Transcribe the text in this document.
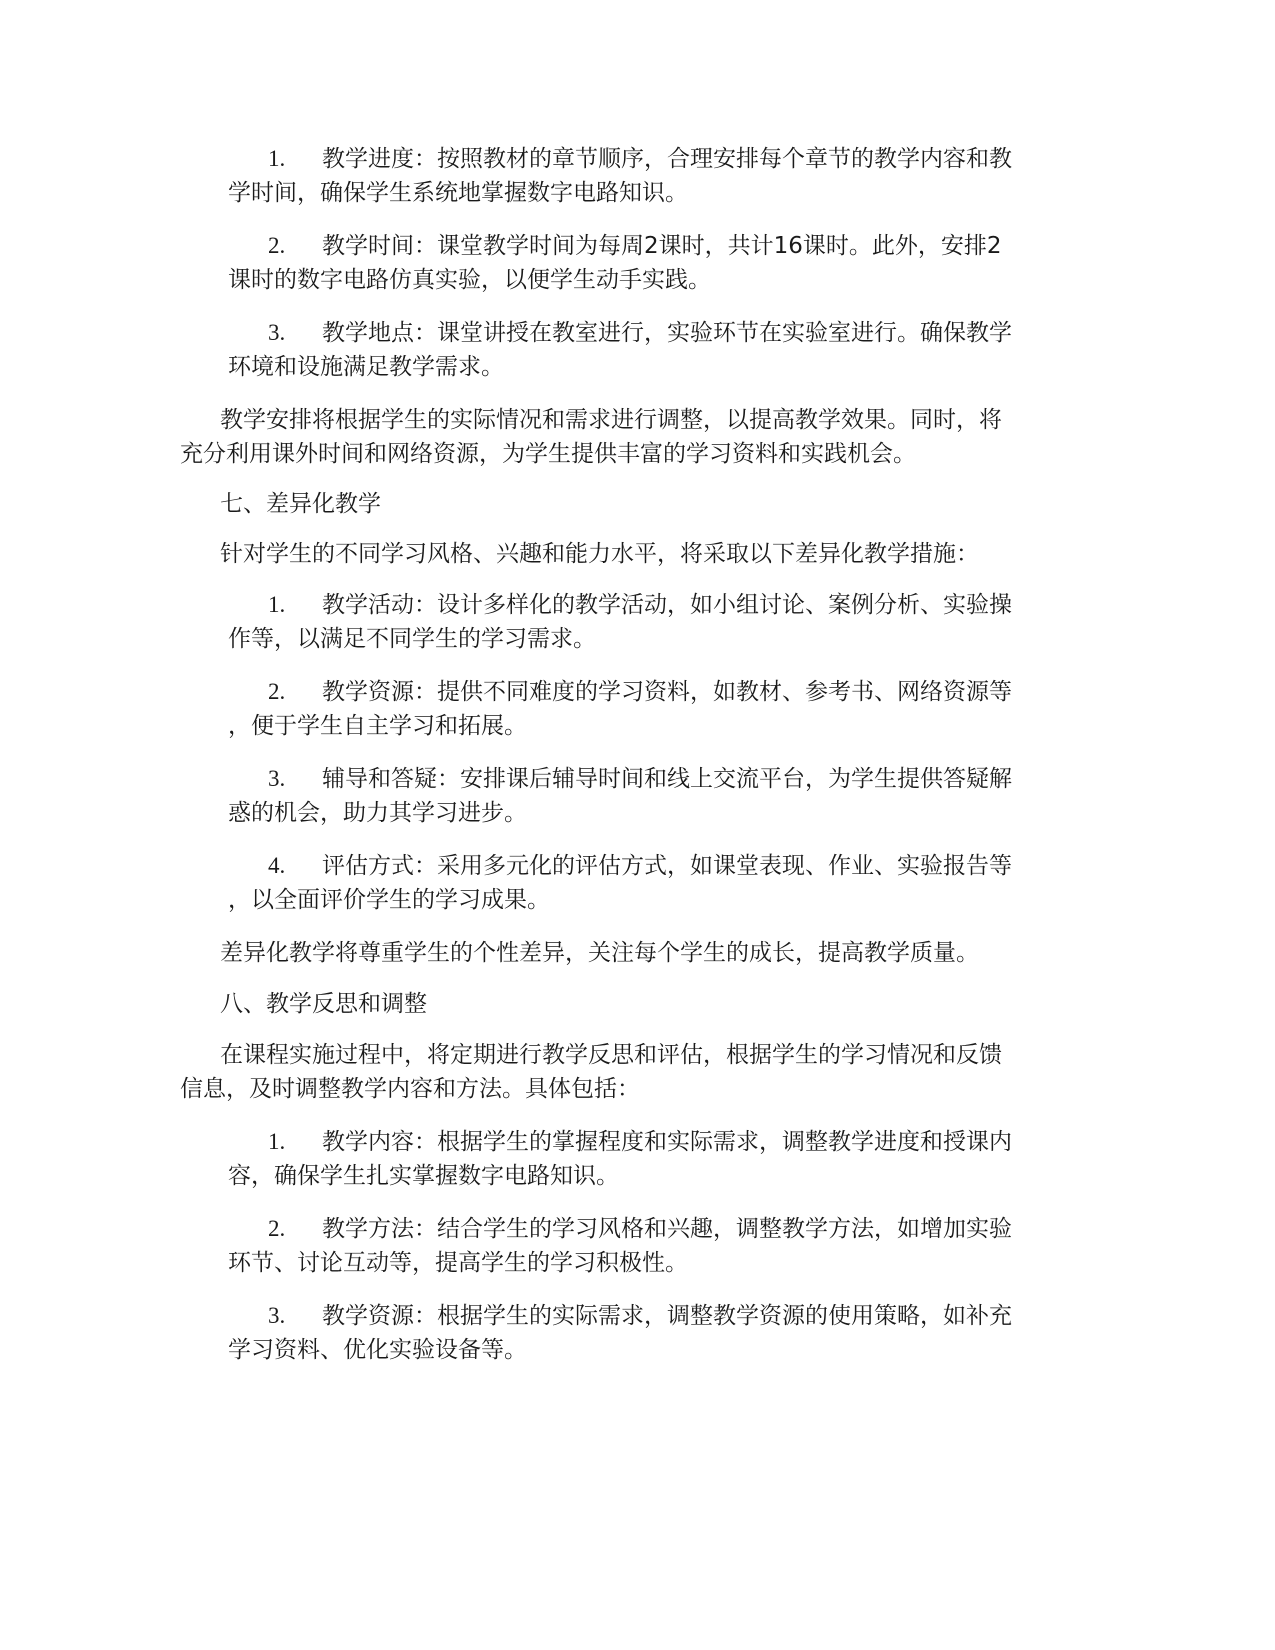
1. 教学进度：按照教材的章节顺序，合理安排每个章节的教学内容和教
学时间，确保学生系统地掌握数字电路知识。
2. 教学时间：课堂教学时间为每周2课时，共计16课时。此外，安排2
课时的数字电路仿真实验，以便学生动手实践。
3. 教学地点：课堂讲授在教室进行，实验环节在实验室进行。确保教学
环境和设施满足教学需求。
教学安排将根据学生的实际情况和需求进行调整，以提高教学效果。同时，将
充分利用课外时间和网络资源，为学生提供丰富的学习资料和实践机会。
七、差异化教学
针对学生的不同学习风格、兴趣和能力水平，将采取以下差异化教学措施：
1. 教学活动：设计多样化的教学活动，如小组讨论、案例分析、实验操
作等，以满足不同学生的学习需求。
2. 教学资源：提供不同难度的学习资料，如教材、参考书、网络资源等
，便于学生自主学习和拓展。
3. 辅导和答疑：安排课后辅导时间和线上交流平台，为学生提供答疑解
惑的机会，助力其学习进步。
4. 评估方式：采用多元化的评估方式，如课堂表现、作业、实验报告等
，以全面评价学生的学习成果。
差异化教学将尊重学生的个性差异，关注每个学生的成长，提高教学质量。
八、教学反思和调整
在课程实施过程中，将定期进行教学反思和评估，根据学生的学习情况和反馈
信息，及时调整教学内容和方法。具体包括：
1. 教学内容：根据学生的掌握程度和实际需求，调整教学进度和授课内
容，确保学生扎实掌握数字电路知识。
2. 教学方法：结合学生的学习风格和兴趣，调整教学方法，如增加实验
环节、讨论互动等，提高学生的学习积极性。
3. 教学资源：根据学生的实际需求，调整教学资源的使用策略，如补充
学习资料、优化实验设备等。
